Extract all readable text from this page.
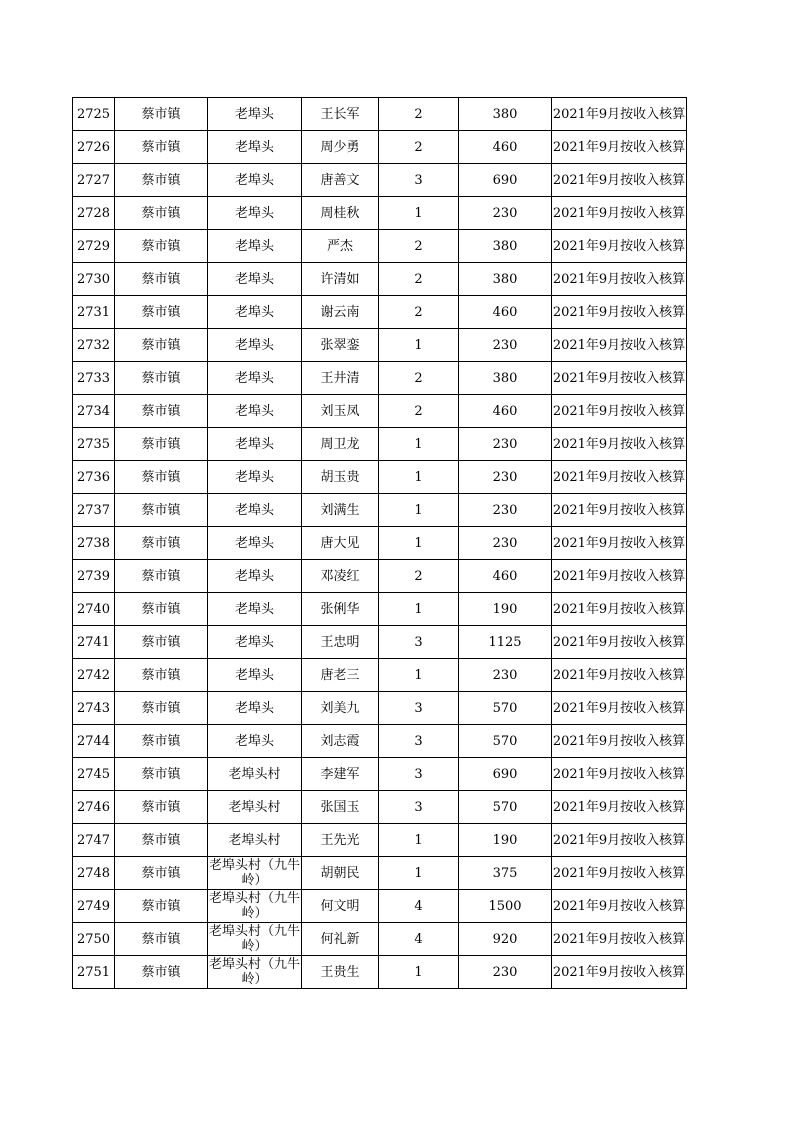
2725	蔡市镇	老埠头	王长军	2	380	2021年9月按收入核算
2726	蔡市镇	老埠头	周少勇	2	460	2021年9月按收入核算
2727	蔡市镇	老埠头	唐善文	3	690	2021年9月按收入核算
2728	蔡市镇	老埠头	周桂秋	1	230	2021年9月按收入核算
2729	蔡市镇	老埠头	严杰	2	380	2021年9月按收入核算
2730	蔡市镇	老埠头	许清如	2	380	2021年9月按收入核算
2731	蔡市镇	老埠头	谢云南	2	460	2021年9月按收入核算
2732	蔡市镇	老埠头	张翠銮	1	230	2021年9月按收入核算
2733	蔡市镇	老埠头	王井清	2	380	2021年9月按收入核算
2734	蔡市镇	老埠头	刘玉凤	2	460	2021年9月按收入核算
2735	蔡市镇	老埠头	周卫龙	1	230	2021年9月按收入核算
2736	蔡市镇	老埠头	胡玉贵	1	230	2021年9月按收入核算
2737	蔡市镇	老埠头	刘满生	1	230	2021年9月按收入核算
2738	蔡市镇	老埠头	唐大见	1	230	2021年9月按收入核算
2739	蔡市镇	老埠头	邓凌红	2	460	2021年9月按收入核算
2740	蔡市镇	老埠头	张俐华	1	190	2021年9月按收入核算
2741	蔡市镇	老埠头	王忠明	3	1125	2021年9月按收入核算
2742	蔡市镇	老埠头	唐老三	1	230	2021年9月按收入核算
2743	蔡市镇	老埠头	刘美九	3	570	2021年9月按收入核算
2744	蔡市镇	老埠头	刘志霞	3	570	2021年9月按收入核算
2745	蔡市镇	老埠头村	李建军	3	690	2021年9月按收入核算
2746	蔡市镇	老埠头村	张国玉	3	570	2021年9月按收入核算
2747	蔡市镇	老埠头村	王先光	1	190	2021年9月按收入核算
2748	蔡市镇	老埠头村（九牛岭）	胡朝民	1	375	2021年9月按收入核算
2749	蔡市镇	老埠头村（九牛岭）	何文明	4	1500	2021年9月按收入核算
2750	蔡市镇	老埠头村（九牛岭）	何礼新	4	920	2021年9月按收入核算
2751	蔡市镇	老埠头村（九牛岭）	王贵生	1	230	2021年9月按收入核算
